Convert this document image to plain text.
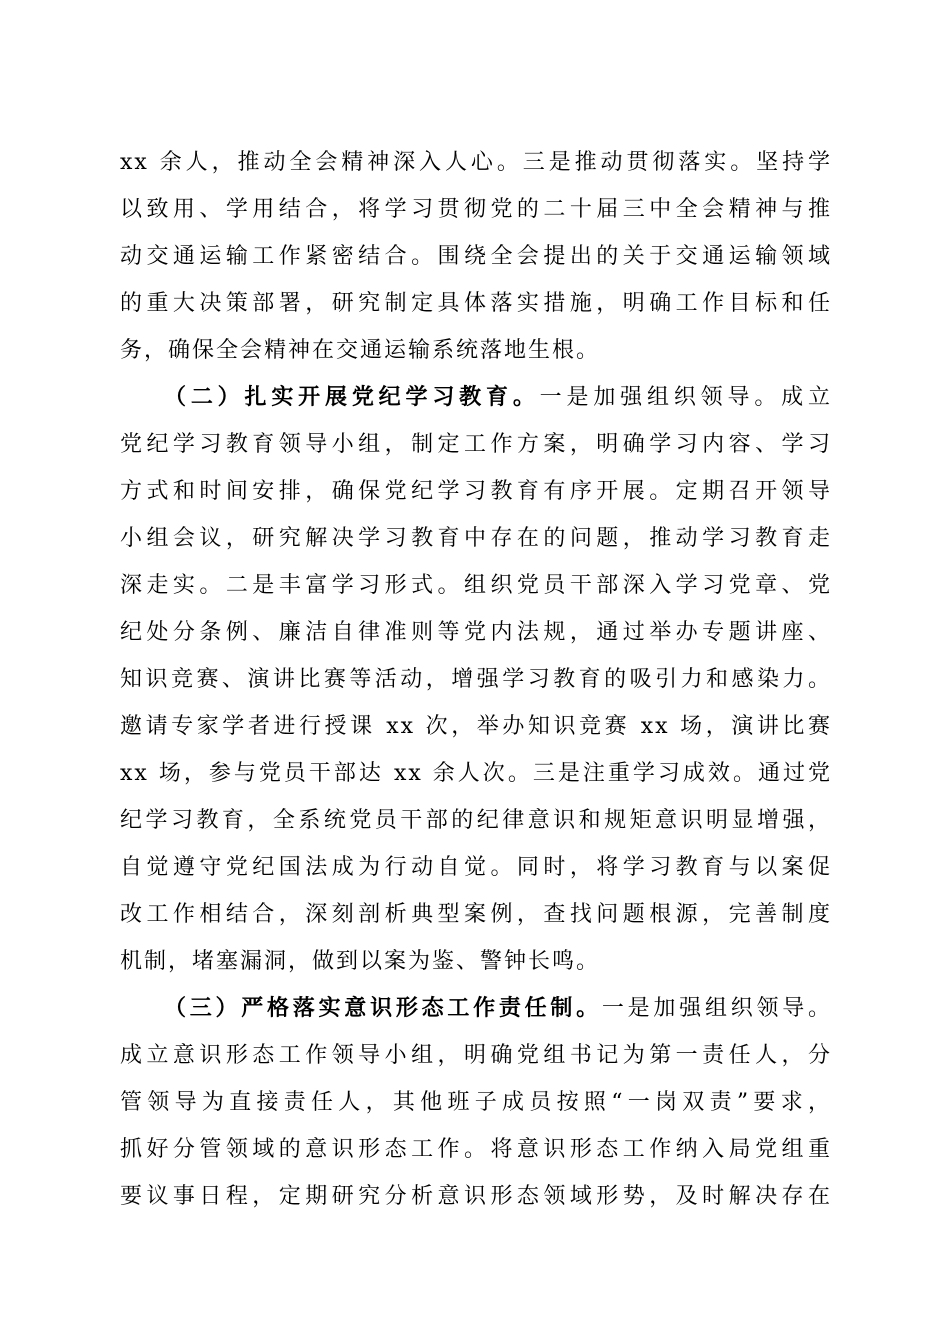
xx 余人，推动全会精神深入人心。三是推动贯彻落实。坚持学
以致用、学用结合，将学习贯彻党的二十届三中全会精神与推
动交通运输工作紧密结合。围绕全会提出的关于交通运输领域
的重大决策部署，研究制定具体落实措施，明确工作目标和任
务，确保全会精神在交通运输系统落地生根。
（二）扎实开展党纪学习教育。一是加强组织领导。成立
党纪学习教育领导小组，制定工作方案，明确学习内容、学习
方式和时间安排，确保党纪学习教育有序开展。定期召开领导
小组会议，研究解决学习教育中存在的问题，推动学习教育走
深走实。二是丰富学习形式。组织党员干部深入学习党章、党
纪处分条例、廉洁自律准则等党内法规，通过举办专题讲座、
知识竞赛、演讲比赛等活动，增强学习教育的吸引力和感染力。
邀请专家学者进行授课 xx 次，举办知识竞赛 xx 场，演讲比赛
xx 场，参与党员干部达 xx 余人次。三是注重学习成效。通过党
纪学习教育，全系统党员干部的纪律意识和规矩意识明显增强，
自觉遵守党纪国法成为行动自觉。同时，将学习教育与以案促
改工作相结合，深刻剖析典型案例，查找问题根源，完善制度
机制，堵塞漏洞，做到以案为鉴、警钟长鸣。
（三）严格落实意识形态工作责任制。一是加强组织领导。
成立意识形态工作领导小组，明确党组书记为第一责任人，分
管领导为直接责任人，其他班子成员按照“一岗双责”要求，
抓好分管领域的意识形态工作。将意识形态工作纳入局党组重
要议事日程，定期研究分析意识形态领域形势，及时解决存在
